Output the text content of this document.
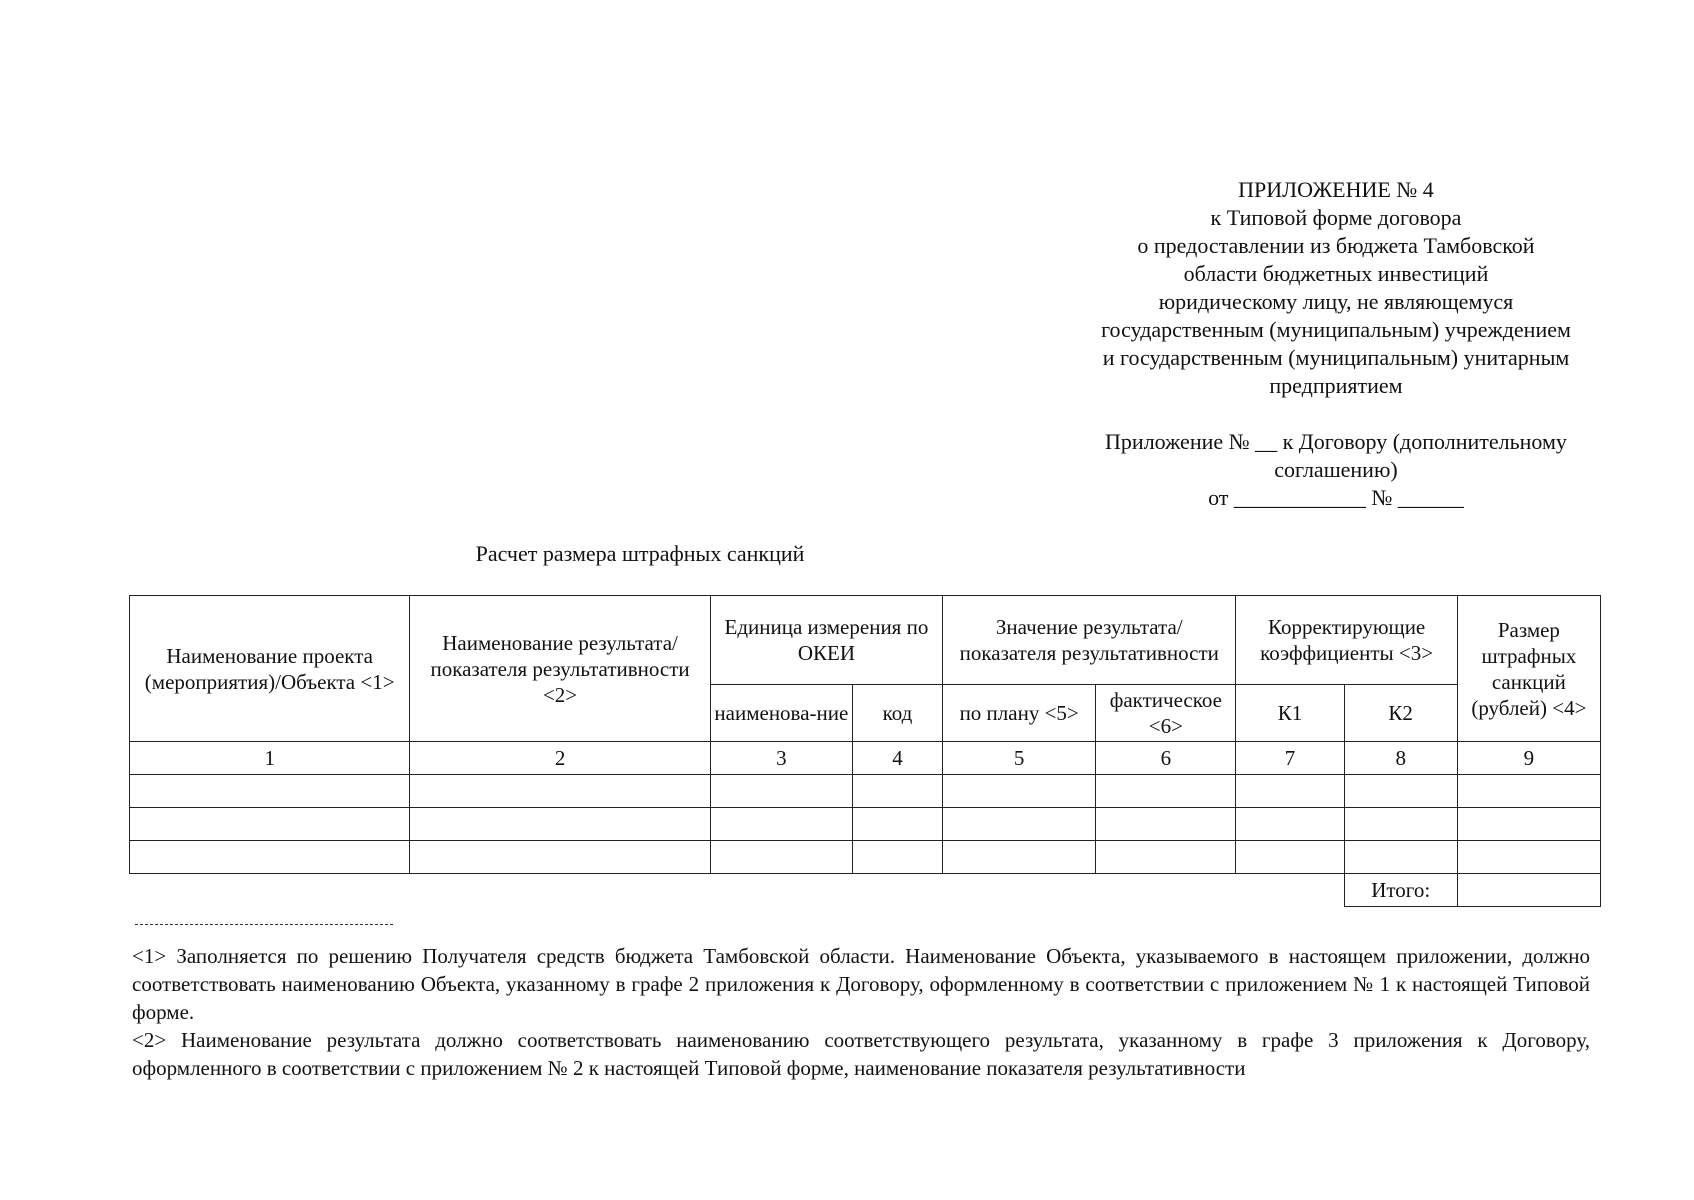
ПРИЛОЖЕНИЕ № 4
к Типовой форме договора
о предоставлении из бюджета Тамбовской
области бюджетных инвестиций
юридическому лицу, не являющемуся
государственным (муниципальным) учреждением
и государственным (муниципальным) унитарным
предприятием
Приложение № __ к Договору (дополнительному
соглашению)
от ____________ № ______
Расчет размера штрафных санкций
Наименование проекта (мероприятия)/Объекта <1>	Наименование результата/ показателя результативности <2>	Единица измерения по ОКЕИ		Значение результата/ показателя результативности		Корректирующие коэффициенты <3>		Размер штрафных санкций (рублей) <4>
		наименова-ние	код	по плану <5>	фактическое <6>	К1	К2	
1	2	3	4	5	6	7	8	9

							Итого:	

<1> Заполняется по решению Получателя средств бюджета Тамбовской области. Наименование Объекта, указываемого в настоящем приложении, должно соответствовать наименованию Объекта, указанному в графе 2 приложения к Договору, оформленному в соответствии с приложением № 1 к настоящей Типовой форме.

<2> Наименование результата должно соответствовать наименованию соответствующего результата, указанному в графе 3 приложения к Договору, оформленного в соответствии с приложением № 2 к настоящей Типовой форме, наименование показателя результативности
